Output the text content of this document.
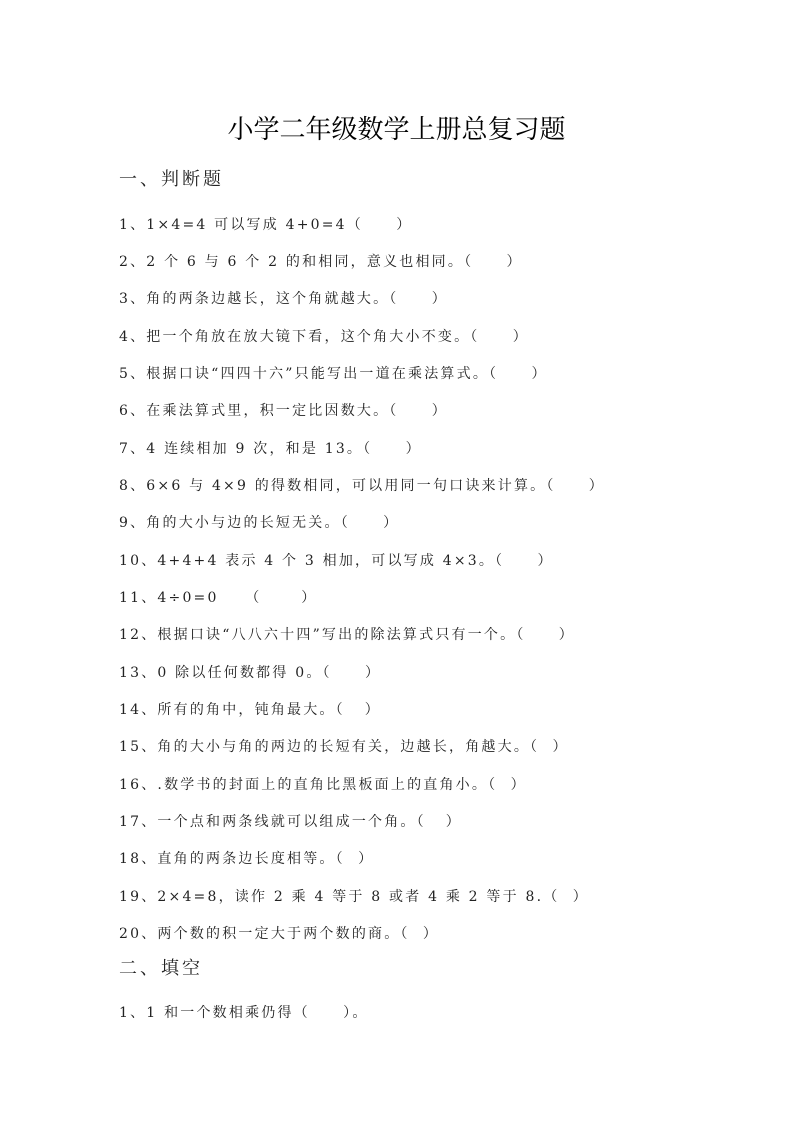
小学二年级数学上册总复习题
一、判断题
1、1×4=4 可以写成 4+0=4（     ）
2、2 个 6 与 6 个 2 的和相同，意义也相同。（     ）
3、角的两条边越长，这个角就越大。（     ）
4、把一个角放在放大镜下看，这个角大小不变。（     ）
5、根据口诀“四四十六”只能写出一道在乘法算式。（     ）
6、在乘法算式里，积一定比因数大。（     ）
7、4 连续相加 9 次，和是 13。（     ）
8、6×6 与 4×9 的得数相同，可以用同一句口诀来计算。（     ）
9、角的大小与边的长短无关。（     ）
10、4+4+4 表示 4 个 3 相加，可以写成 4×3。（     ）
11、4÷0=0    （      ）
12、根据口诀“八八六十四”写出的除法算式只有一个。（     ）
13、0 除以任何数都得 0。（     ）
14、所有的角中，钝角最大。（   ）
15、角的大小与角的两边的长短有关，边越长，角越大。（  ）
16、.数学书的封面上的直角比黑板面上的直角小。（  ）
17、一个点和两条线就可以组成一个角。（   ）
18、直角的两条边长度相等。（  ）
19、2×4=8，读作 2 乘 4 等于 8 或者 4 乘 2 等于 8.（  ）
20、两个数的积一定大于两个数的商。（  ）
二、填空
1、1 和一个数相乘仍得（     ）。
